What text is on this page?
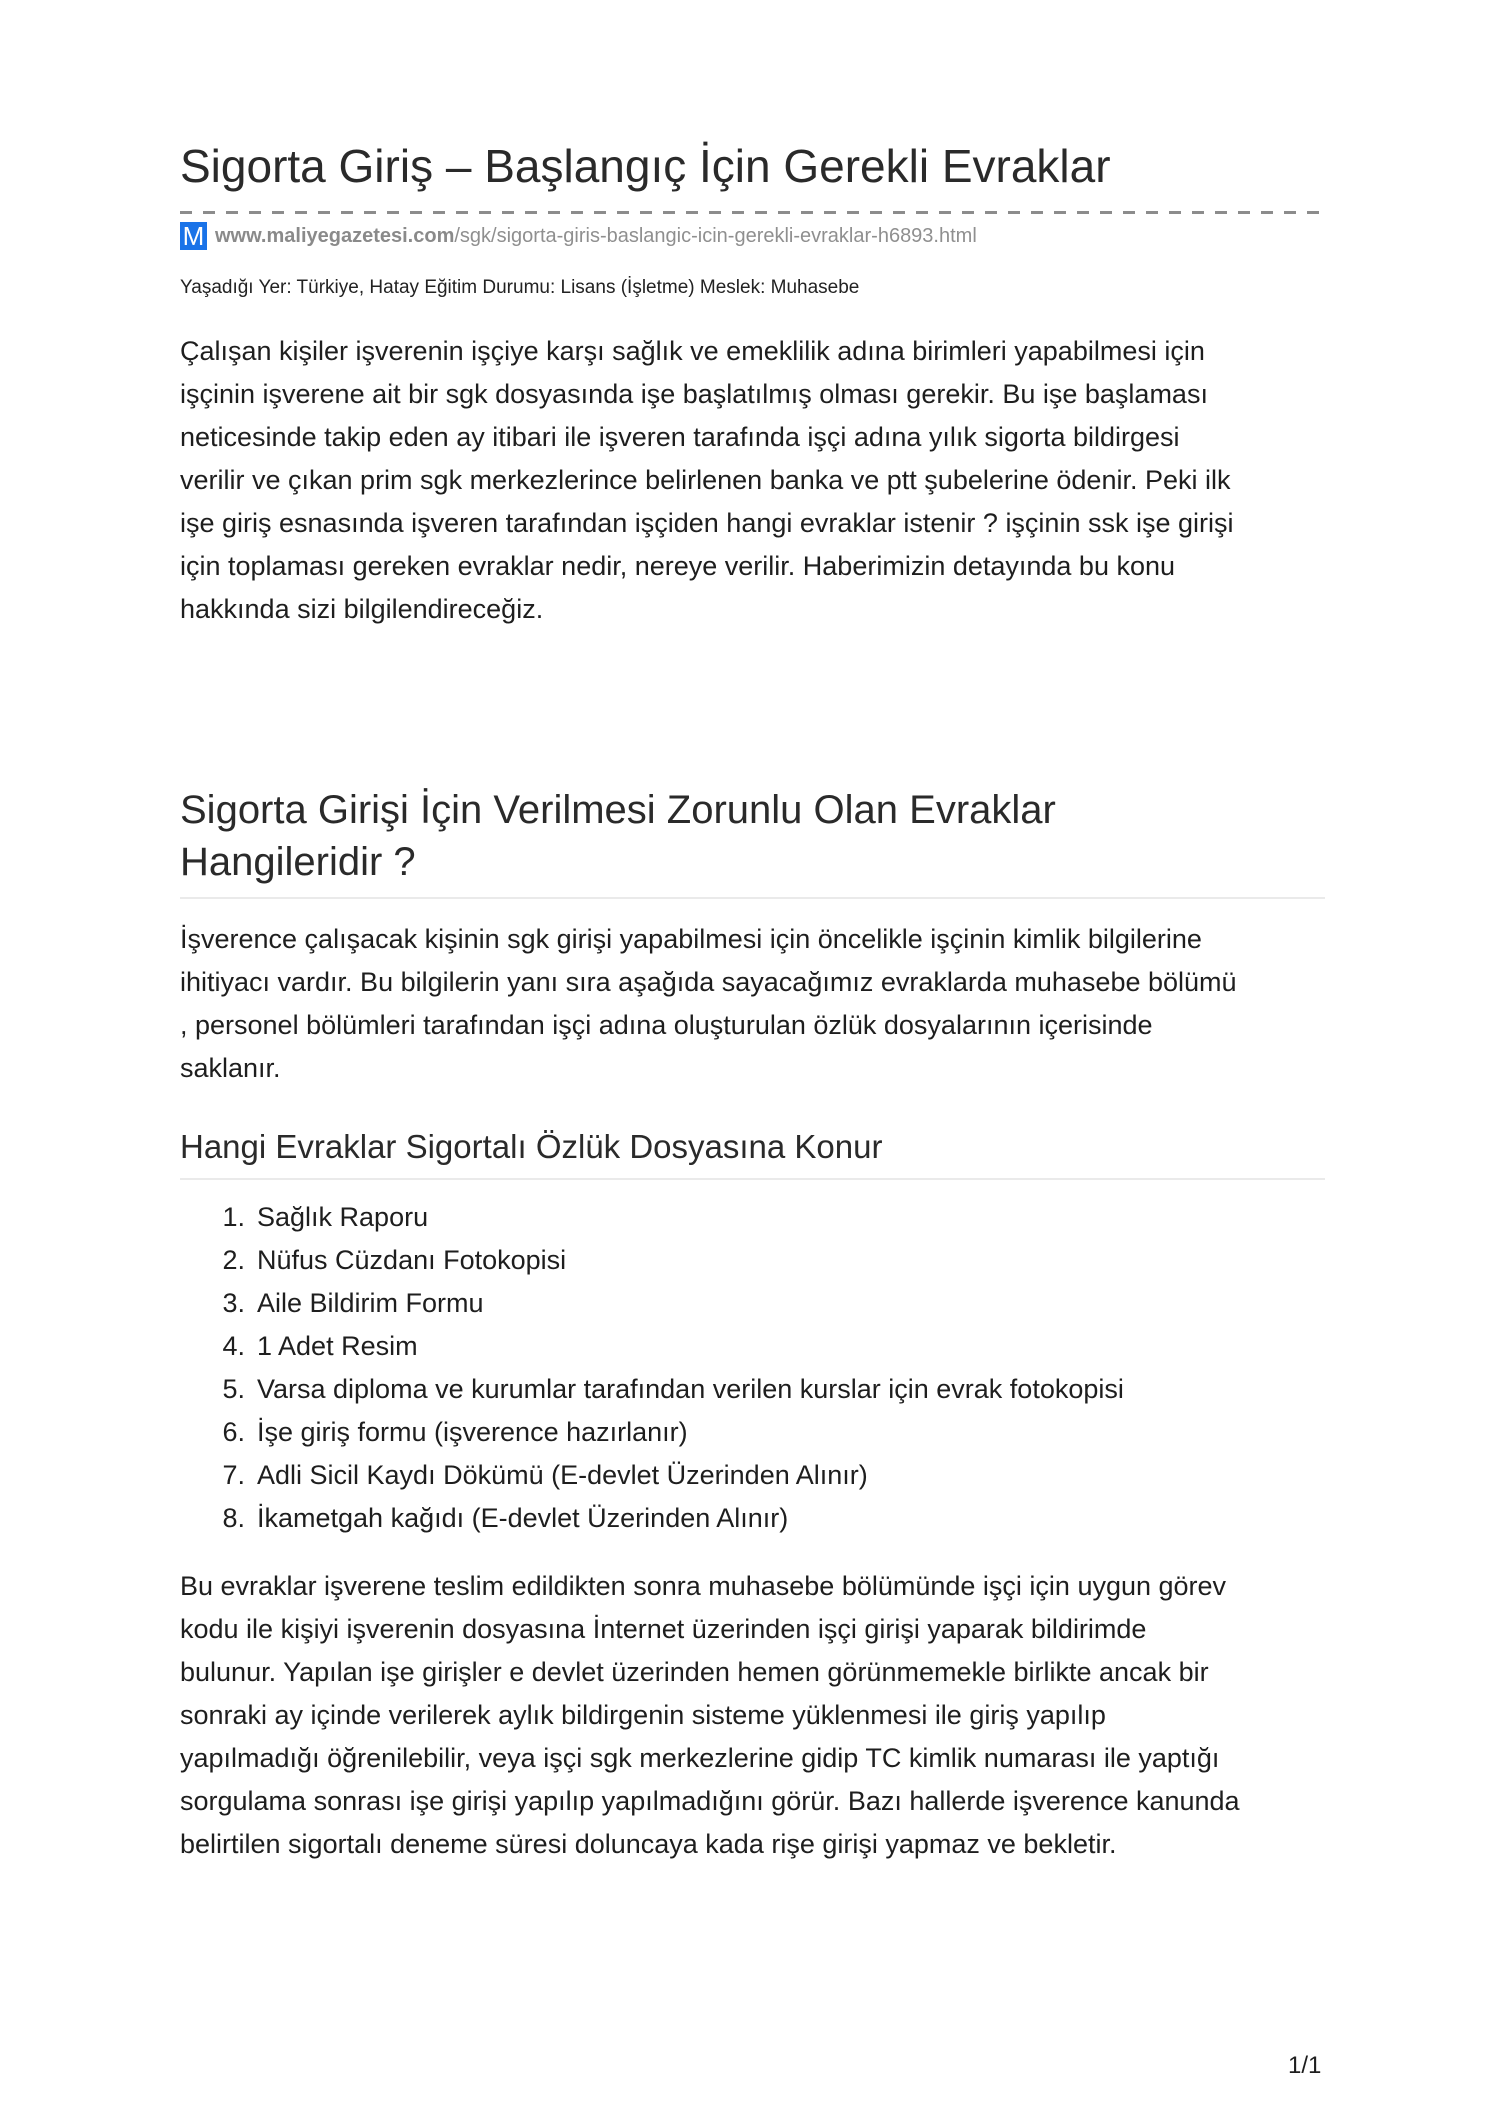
Sigorta Giriş – Başlangıç İçin Gerekli Evraklar
M www.maliyegazetesi.com /sgk/sigorta-giris-baslangic-icin-gerekli-evraklar-h6893.html
Yaşadığı Yer: Türkiye, Hatay Eğitim Durumu: Lisans (İşletme) Meslek: Muhasebe

Çalışan kişiler işverenin işçiye karşı sağlık ve emeklilik adına birimleri yapabilmesi için
işçinin işverene ait bir sgk dosyasında işe başlatılmış olması gerekir. Bu işe başlaması
neticesinde takip eden ay itibari ile işveren tarafında işçi adına yılık sigorta bildirgesi
verilir ve çıkan prim sgk merkezlerince belirlenen banka ve ptt şubelerine ödenir. Peki ilk
işe giriş esnasında işveren tarafından işçiden hangi evraklar istenir ? işçinin ssk işe girişi
için toplaması gereken evraklar nedir, nereye verilir. Haberimizin detayında bu konu
hakkında sizi bilgilendireceğiz.

Sigorta Girişi İçin Verilmesi Zorunlu Olan Evraklar
Hangileridir ?

İşverence çalışacak kişinin sgk girişi yapabilmesi için öncelikle işçinin kimlik bilgilerine
ihitiyacı vardır. Bu bilgilerin yanı sıra aşağıda sayacağımız evraklarda muhasebe bölümü
, personel bölümleri tarafından işçi adına oluşturulan özlük dosyalarının içerisinde
saklanır.

Hangi Evraklar Sigortalı Özlük Dosyasına Konur
1. Sağlık Raporu
2. Nüfus Cüzdanı Fotokopisi
3. Aile Bildirim Formu
4. 1 Adet Resim
5. Varsa diploma ve kurumlar tarafından verilen kurslar için evrak fotokopisi
6. İşe giriş formu (işverence hazırlanır)
7. Adli Sicil Kaydı Dökümü (E-devlet Üzerinden Alınır)
8. İkametgah kağıdı (E-devlet Üzerinden Alınır)

Bu evraklar işverene teslim edildikten sonra muhasebe bölümünde işçi için uygun görev
kodu ile kişiyi işverenin dosyasına İnternet üzerinden işçi girişi yaparak bildirimde
bulunur. Yapılan işe girişler e devlet üzerinden hemen görünmemekle birlikte ancak bir
sonraki ay içinde verilerek aylık bildirgenin sisteme yüklenmesi ile giriş yapılıp
yapılmadığı öğrenilebilir, veya işçi sgk merkezlerine gidip TC kimlik numarası ile yaptığı
sorgulama sonrası işe girişi yapılıp yapılmadığını görür. Bazı hallerde işverence kanunda
belirtilen sigortalı deneme süresi doluncaya kada rişe girişi yapmaz ve bekletir.

1/1
